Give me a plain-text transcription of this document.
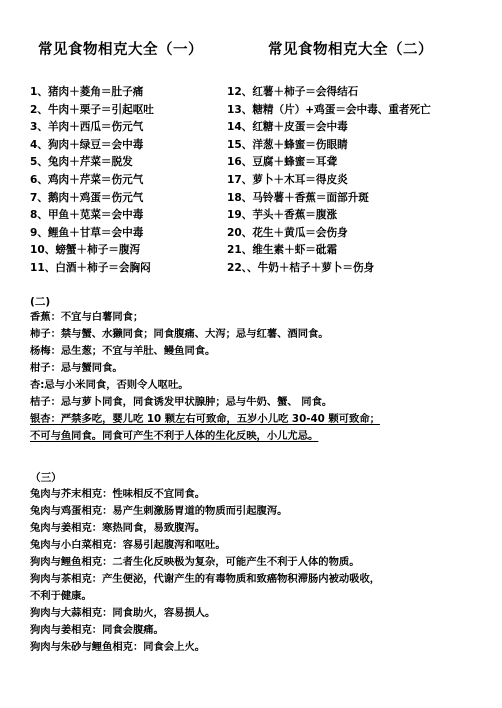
常见食物相克大全（一）	常见食物相克大全（二）
1、猪肉＋菱角＝肚子痛
2、牛肉＋栗子＝引起呕吐
3、羊肉＋西瓜＝伤元气
4、狗肉＋绿豆＝会中毒
5、兔肉＋芹菜＝脱发
6、鸡肉＋芹菜＝伤元气
7、鹅肉＋鸡蛋＝伤元气
8、甲鱼＋苋菜＝会中毒
9、鲤鱼＋甘草＝会中毒
10、螃蟹＋柿子＝腹泻
11、白酒＋柿子＝会胸闷
12、红薯＋柿子＝会得结石
13、糖精（片）+鸡蛋＝会中毒、重者死亡
14、红糖＋皮蛋＝会中毒
15、洋葱＋蜂蜜＝伤眼睛
16、豆腐＋蜂蜜＝耳聋
17、萝卜＋木耳＝得皮炎
18、马铃薯＋香蕉＝面部升斑
19、芋头＋香蕉＝腹涨
20、花生＋黄瓜＝会伤身
21、维生素＋虾＝砒霜
22、、牛奶＋桔子＋萝卜＝伤身
(二)
香蕉：不宜与白薯同食；
柿子：禁与蟹、水獭同食；同食腹痛、大泻；忌与红薯、酒同食。
杨梅：忌生葱；不宜与羊肚、鳗鱼同食。
柑子：忌与蟹同食。
杏:忌与小米同食，否则令人呕吐。
桔子：忌与萝卜同食，同食诱发甲状腺肿；忌与牛奶、蟹、 同食。
银杏：严禁多吃，婴儿吃 10 颗左右可致命，五岁小儿吃 30-40 颗可致命；
不可与鱼同食。同食可产生不利于人体的生化反映，小儿尤忌。
（三）
兔肉与芥末相克：性味相反不宜同食。
兔肉与鸡蛋相克：易产生刺激肠胃道的物质而引起腹泻。
兔肉与姜相克：寒热同食，易致腹泻。
兔肉与小白菜相克：容易引起腹泻和呕吐。
狗肉与鲤鱼相克：二者生化反映极为复杂，可能产生不利于人体的物质。
狗肉与茶相克：产生便泌，代谢产生的有毒物质和致癌物积滞肠内被动吸收，
不利于健康。
狗肉与大蒜相克：同食助火，容易损人。
狗肉与姜相克：同食会腹痛。
狗肉与朱砂与鲤鱼相克：同食会上火。
